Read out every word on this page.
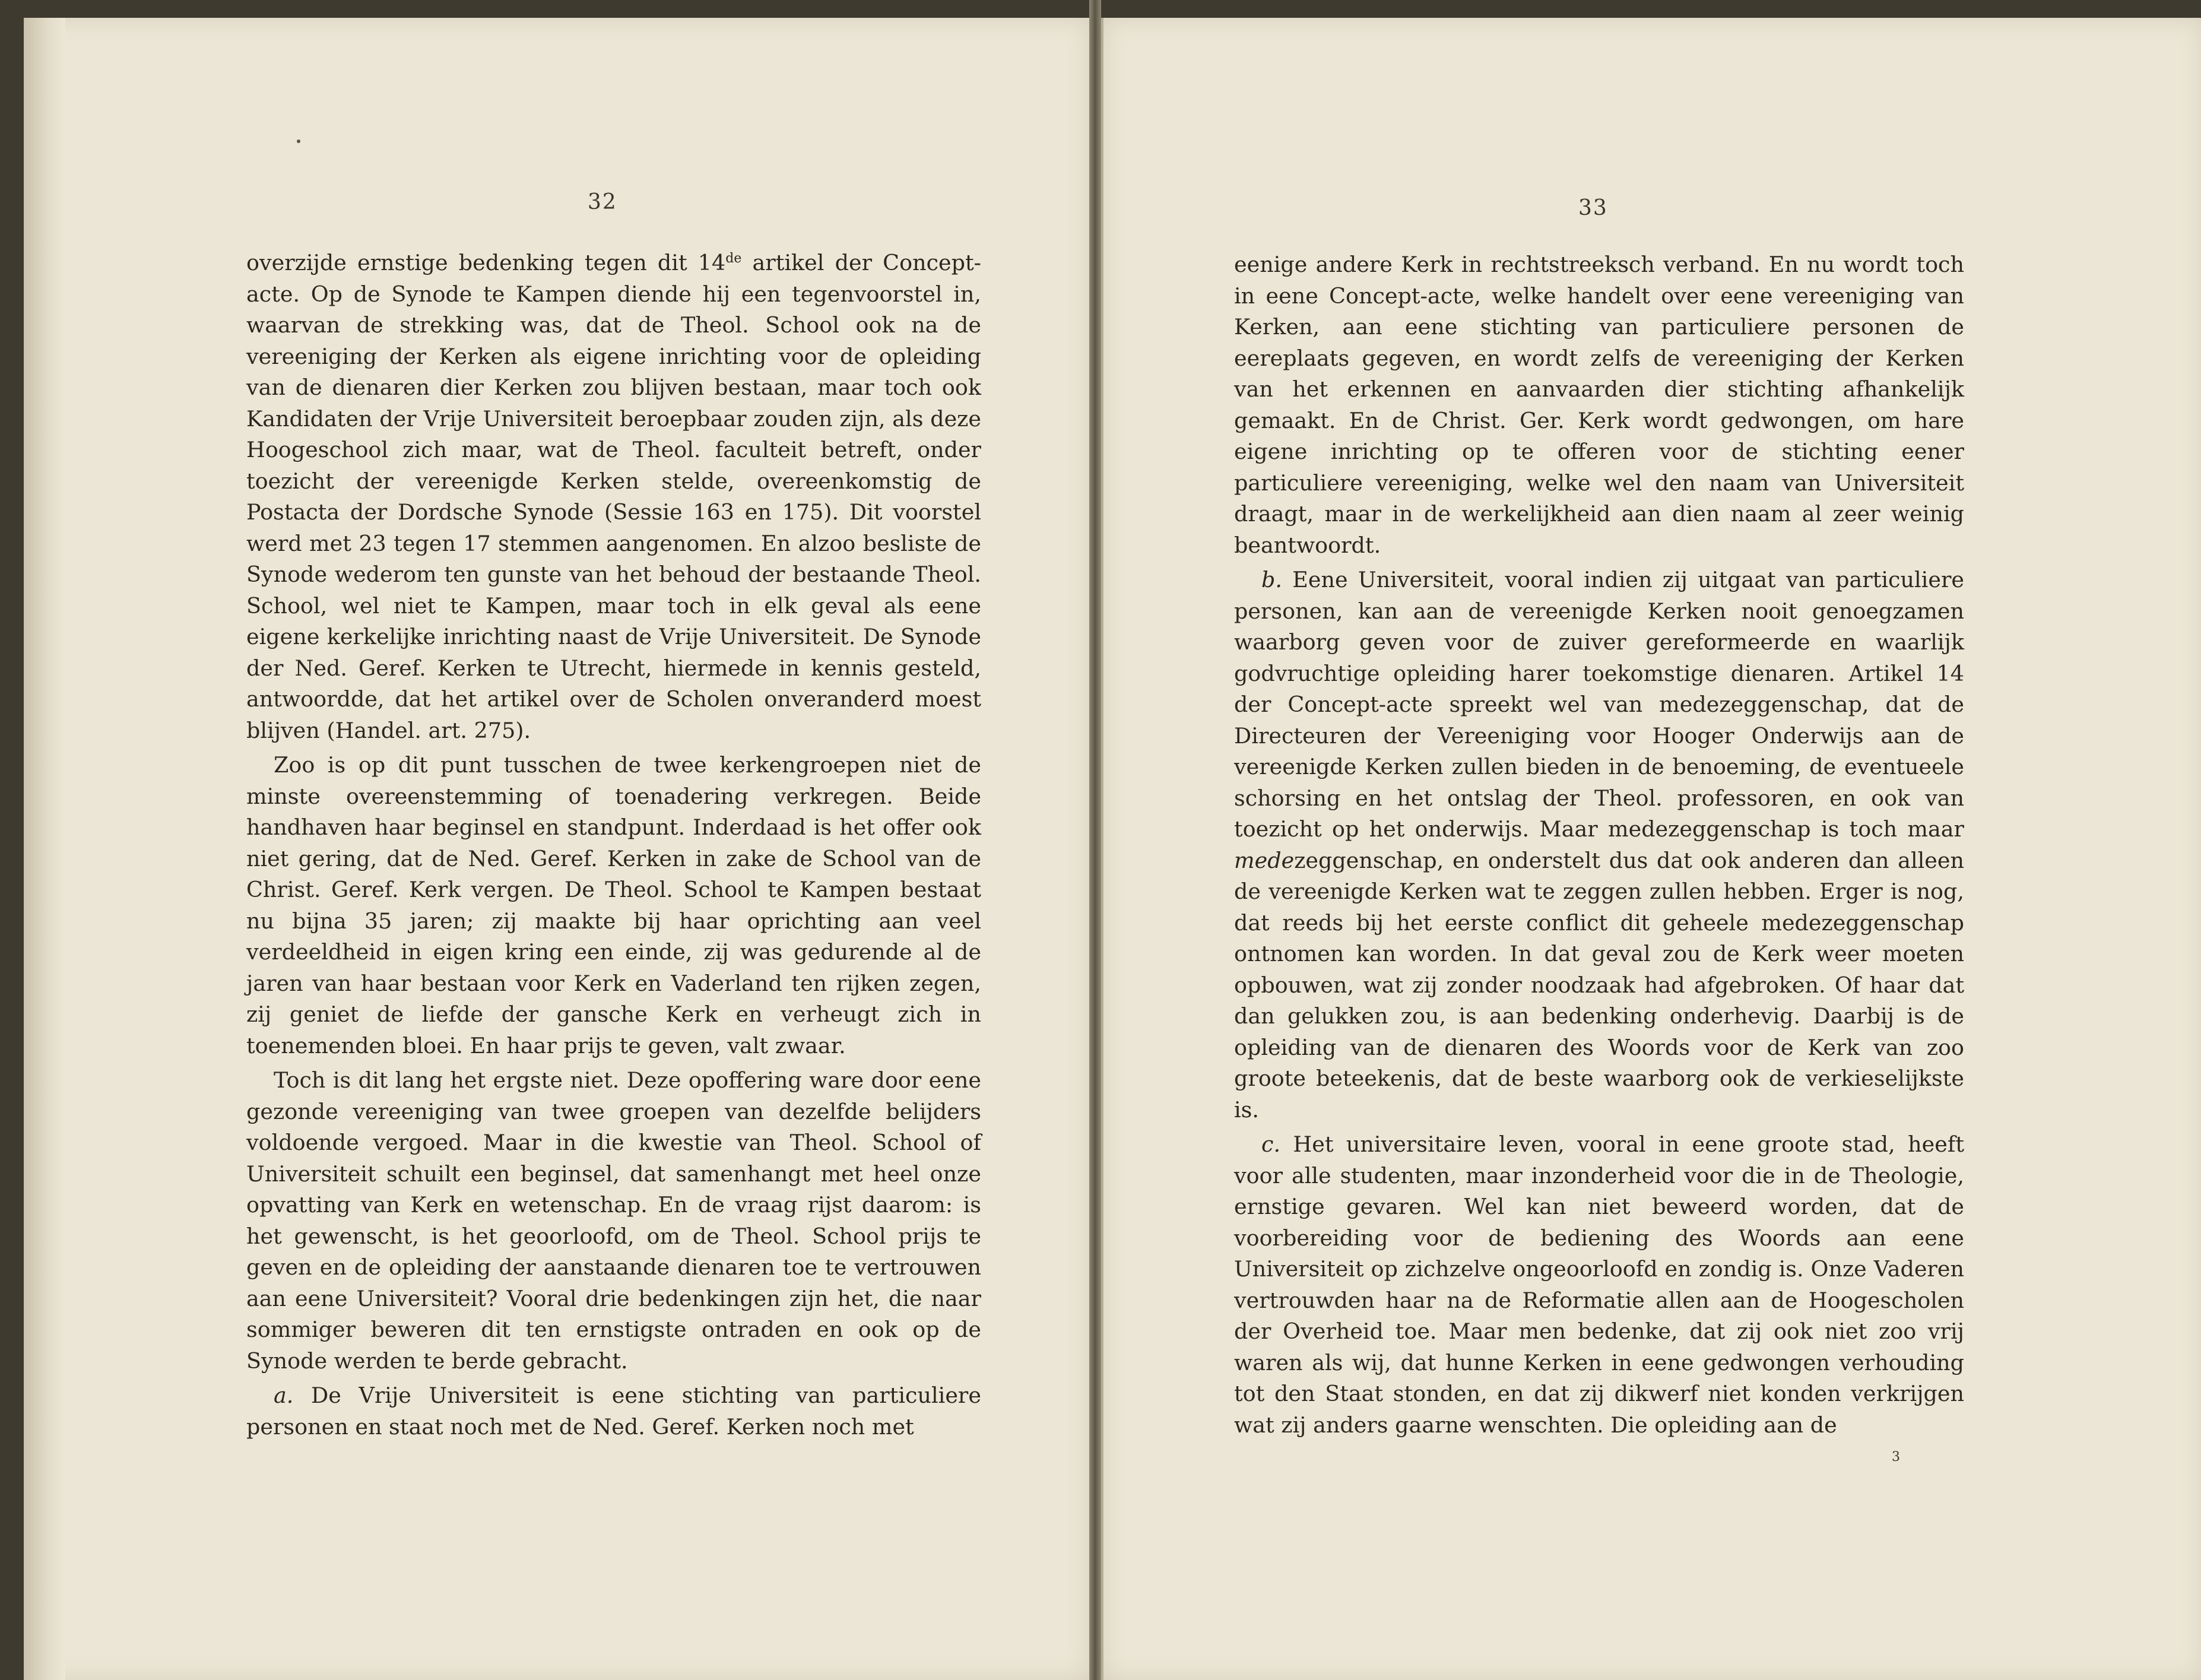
32

overzijde ernstige bedenking tegen dit 14de artikel der Concept-acte. Op de Synode te Kampen diende hij een tegenvoorstel in, waarvan de strekking was, dat de Theol. School ook na de vereeniging der Kerken als eigene inrichting voor de opleiding van de dienaren dier Kerken zou blijven bestaan, maar toch ook Kandidaten der Vrije Universiteit beroepbaar zouden zijn, als deze Hoogeschool zich maar, wat de Theol. faculteit betreft, onder toezicht der vereenigde Kerken stelde, overeenkomstig de Postacta der Dordsche Synode (Sessie 163 en 175). Dit voorstel werd met 23 tegen 17 stemmen aangenomen. En alzoo besliste de Synode wederom ten gunste van het behoud der bestaande Theol. School, wel niet te Kampen, maar toch in elk geval als eene eigene kerkelijke inrichting naast de Vrije Universiteit. De Synode der Ned. Geref. Kerken te Utrecht, hiermede in kennis gesteld, antwoordde, dat het artikel over de Scholen onveranderd moest blijven (Handel. art. 275).

Zoo is op dit punt tusschen de twee kerkengroepen niet de minste overeenstemming of toenadering verkregen. Beide handhaven haar beginsel en standpunt. Inderdaad is het offer ook niet gering, dat de Ned. Geref. Kerken in zake de School van de Christ. Geref. Kerk vergen. De Theol. School te Kampen bestaat nu bijna 35 jaren; zij maakte bij haar oprichting aan veel verdeeldheid in eigen kring een einde, zij was gedurende al de jaren van haar bestaan voor Kerk en Vaderland ten rijken zegen, zij geniet de liefde der gansche Kerk en verheugt zich in toenemenden bloei. En haar prijs te geven, valt zwaar.

Toch is dit lang het ergste niet. Deze opoffering ware door eene gezonde vereeniging van twee groepen van dezelfde belijders voldoende vergoed. Maar in die kwestie van Theol. School of Universiteit schuilt een beginsel, dat samenhangt met heel onze opvatting van Kerk en wetenschap. En de vraag rijst daarom: is het gewenscht, is het geoorloofd, om de Theol. School prijs te geven en de opleiding der aanstaande dienaren toe te vertrouwen aan eene Universiteit? Vooral drie bedenkingen zijn het, die naar sommiger beweren dit ten ernstigste ontraden en ook op de Synode werden te berde gebracht.

a. De Vrije Universiteit is eene stichting van particuliere personen en staat noch met de Ned. Geref. Kerken noch met

33

eenige andere Kerk in rechtstreeksch verband. En nu wordt toch in eene Concept-acte, welke handelt over eene vereeniging van Kerken, aan eene stichting van particuliere personen de eereplaats gegeven, en wordt zelfs de vereeniging der Kerken van het erkennen en aanvaarden dier stichting afhankelijk gemaakt. En de Christ. Ger. Kerk wordt gedwongen, om hare eigene inrichting op te offeren voor de stichting eener particuliere vereeniging, welke wel den naam van Universiteit draagt, maar in de werkelijkheid aan dien naam al zeer weinig beantwoordt.

b. Eene Universiteit, vooral indien zij uitgaat van particuliere personen, kan aan de vereenigde Kerken nooit genoegzamen waarborg geven voor de zuiver gereformeerde en waarlijk godvruchtige opleiding harer toekomstige dienaren. Artikel 14 der Concept-acte spreekt wel van medezeggenschap, dat de Directeuren der Vereeniging voor Hooger Onderwijs aan de vereenigde Kerken zullen bieden in de benoeming, de eventueele schorsing en het ontslag der Theol. professoren, en ook van toezicht op het onderwijs. Maar medezeggenschap is toch maar medezeggenschap, en onderstelt dus dat ook anderen dan alleen de vereenigde Kerken wat te zeggen zullen hebben. Erger is nog, dat reeds bij het eerste conflict dit geheele medezeggenschap ontnomen kan worden. In dat geval zou de Kerk weer moeten opbouwen, wat zij zonder noodzaak had afgebroken. Of haar dat dan gelukken zou, is aan bedenking onderhevig. Daarbij is de opleiding van de dienaren des Woords voor de Kerk van zoo groote beteekenis, dat de beste waarborg ook de verkieselijkste is.

c. Het universitaire leven, vooral in eene groote stad, heeft voor alle studenten, maar inzonderheid voor die in de Theologie, ernstige gevaren. Wel kan niet beweerd worden, dat de voorbereiding voor de bediening des Woords aan eene Universiteit op zichzelve ongeoorloofd en zondig is. Onze Vaderen vertrouwden haar na de Reformatie allen aan de Hoogescholen der Overheid toe. Maar men bedenke, dat zij ook niet zoo vrij waren als wij, dat hunne Kerken in eene gedwongen verhouding tot den Staat stonden, en dat zij dikwerf niet konden verkrijgen wat zij anders gaarne wenschten. Die opleiding aan de

3
